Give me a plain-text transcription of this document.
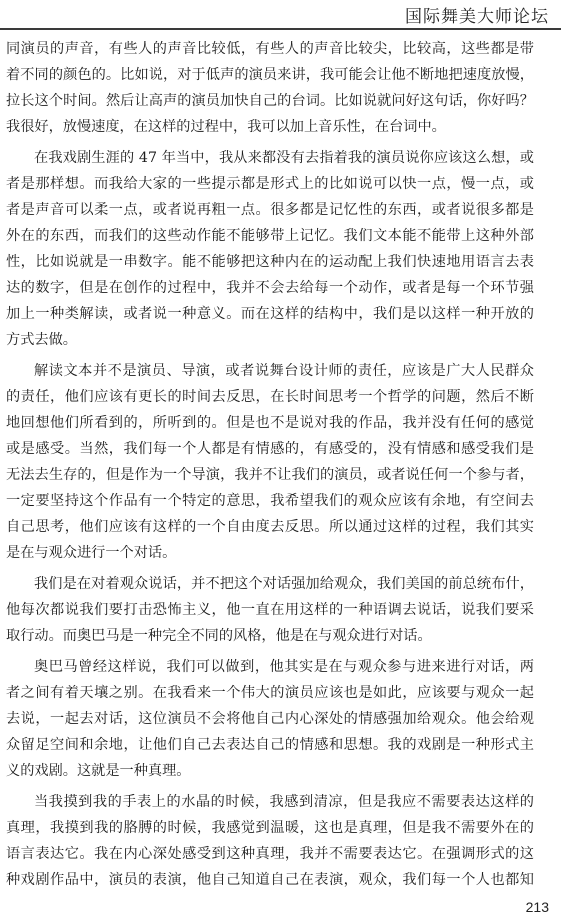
国际舞美大师论坛
同演员的声音，有些人的声音比较低，有些人的声音比较尖，比较高，这些都是带
着不同的颜色的。比如说，对于低声的演员来讲，我可能会让他不断地把速度放慢，
拉长这个时间。然后让高声的演员加快自己的台词。比如说就问好这句话，你好吗？
我很好，放慢速度，在这样的过程中，我可以加上音乐性，在台词中。
在我戏剧生涯的 47 年当中，我从来都没有去指着我的演员说你应该这么想，或
者是那样想。而我给大家的一些提示都是形式上的比如说可以快一点，慢一点，或
者是声音可以柔一点，或者说再粗一点。很多都是记忆性的东西，或者说很多都是
外在的东西，而我们的这些动作能不能够带上记忆。我们文本能不能带上这种外部
性，比如说就是一串数字。能不能够把这种内在的运动配上我们快速地用语言去表
达的数字，但是在创作的过程中，我并不会去给每一个动作，或者是每一个环节强
加上一种类解读，或者说一种意义。而在这样的结构中，我们是以这样一种开放的
方式去做。
解读文本并不是演员、导演，或者说舞台设计师的责任，应该是广大人民群众
的责任，他们应该有更长的时间去反思，在长时间思考一个哲学的问题，然后不断
地回想他们所看到的，所听到的。但是也不是说对我的作品，我并没有任何的感觉
或是感受。当然，我们每一个人都是有情感的，有感受的，没有情感和感受我们是
无法去生存的，但是作为一个导演，我并不让我们的演员，或者说任何一个参与者，
一定要坚持这个作品有一个特定的意思，我希望我们的观众应该有余地，有空间去
自己思考，他们应该有这样的一个自由度去反思。所以通过这样的过程，我们其实
是在与观众进行一个对话。
我们是在对着观众说话，并不把这个对话强加给观众，我们美国的前总统布什，
他每次都说我们要打击恐怖主义，他一直在用这样的一种语调去说话，说我们要采
取行动。而奥巴马是一种完全不同的风格，他是在与观众进行对话。
奥巴马曾经这样说，我们可以做到，他其实是在与观众参与进来进行对话，两
者之间有着天壤之别。在我看来一个伟大的演员应该也是如此，应该要与观众一起
去说，一起去对话，这位演员不会将他自己内心深处的情感强加给观众。他会给观
众留足空间和余地，让他们自己去表达自己的情感和思想。我的戏剧是一种形式主
义的戏剧。这就是一种真理。
当我摸到我的手表上的水晶的时候，我感到清凉，但是我应不需要表达这样的
真理，我摸到我的胳膊的时候，我感觉到温暖，这也是真理，但是我不需要外在的
语言表达它。我在内心深处感受到这种真理，我并不需要表达它。在强调形式的这
种戏剧作品中，演员的表演，他自己知道自己在表演，观众，我们每一个人也都知
213
